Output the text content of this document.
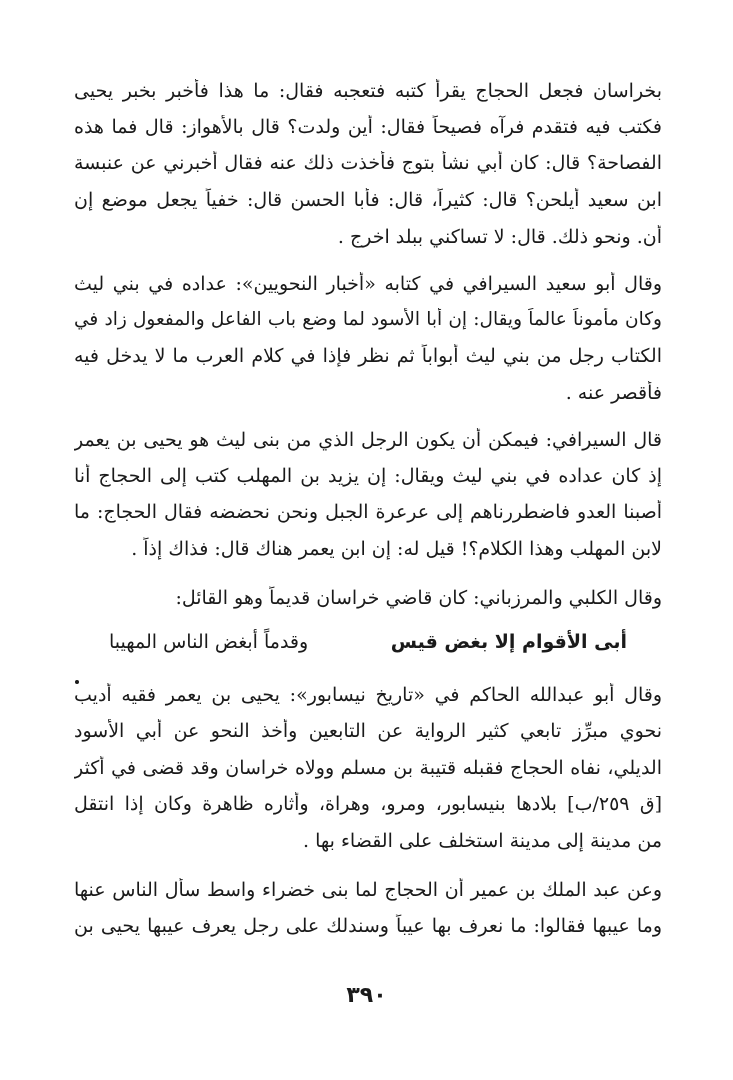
بخراسان فجعل الحجاج يقرأ كتبه فتعجبه فقال: ما هذا فأخبر بخبر يحيى
فكتب فيه فتقدم فرآه فصيحاً فقال: أين ولدت؟ قال بالأهواز: قال فما هذه
الفصاحة؟ قال: كان أبي نشأ بتوج فأخذت ذلك عنه فقال أخبرني عن عنبسة
ابن سعيد أيلحن؟ قال: كثيراً، قال: فأبا الحسن قال: خفياً يجعل موضع إن
أن. ونحو ذلك. قال: لا تساكني ببلد اخرج .
وقال أبو سعيد السيرافي في كتابه «أخبار النحويين»: عداده في بني ليث
وكان مأموناً عالماً ويقال: إن أبا الأسود لما وضع باب الفاعل والمفعول زاد في
الكتاب رجل من بني ليث أبواباً ثم نظر فإذا في كلام العرب ما لا يدخل فيه
فأقصر عنه .
قال السيرافي: فيمكن أن يكون الرجل الذي من بنى ليث هو يحيى بن يعمر
إذ كان عداده في بني ليث ويقال: إن يزيد بن المهلب كتب إلى الحجاج أنا
أصبنا العدو فاضطررناهم إلى عرعرة الجبل ونحن نحضضه فقال الحجاج: ما
لابن المهلب وهذا الكلام؟! قيل له: إن ابن يعمر هناك قال: فذاك إذاً .
وقال الكلبي والمرزباني: كان قاضي خراسان قديماً وهو القائل:
وقال أبو عبدالله الحاكم في «تاريخ نيسابور»: يحيى بن يعمر فقيه أديب
نحوي مبرِّز تابعي كثير الرواية عن التابعين وأخذ النحو عن أبي الأسود
الديلي، نفاه الحجاج فقبله قتيبة بن مسلم وولاه خراسان وقد قضى في أكثر
[ق ٢٥٩/ب] بلادها بنيسابور، ومرو، وهراة، وأثاره ظاهرة وكان إذا انتقل
من مدينة إلى مدينة استخلف على القضاء بها .
وعن عبد الملك بن عمير أن الحجاج لما بنى خضراء واسط سأل الناس عنها
وما عيبها فقالوا: ما نعرف بها عيباً وسندلك على رجل يعرف عيبها يحيى بن
أبى الأقوام إلا بغض قيس
وقدماً أبغض الناس المهيبا
٣٩٠
